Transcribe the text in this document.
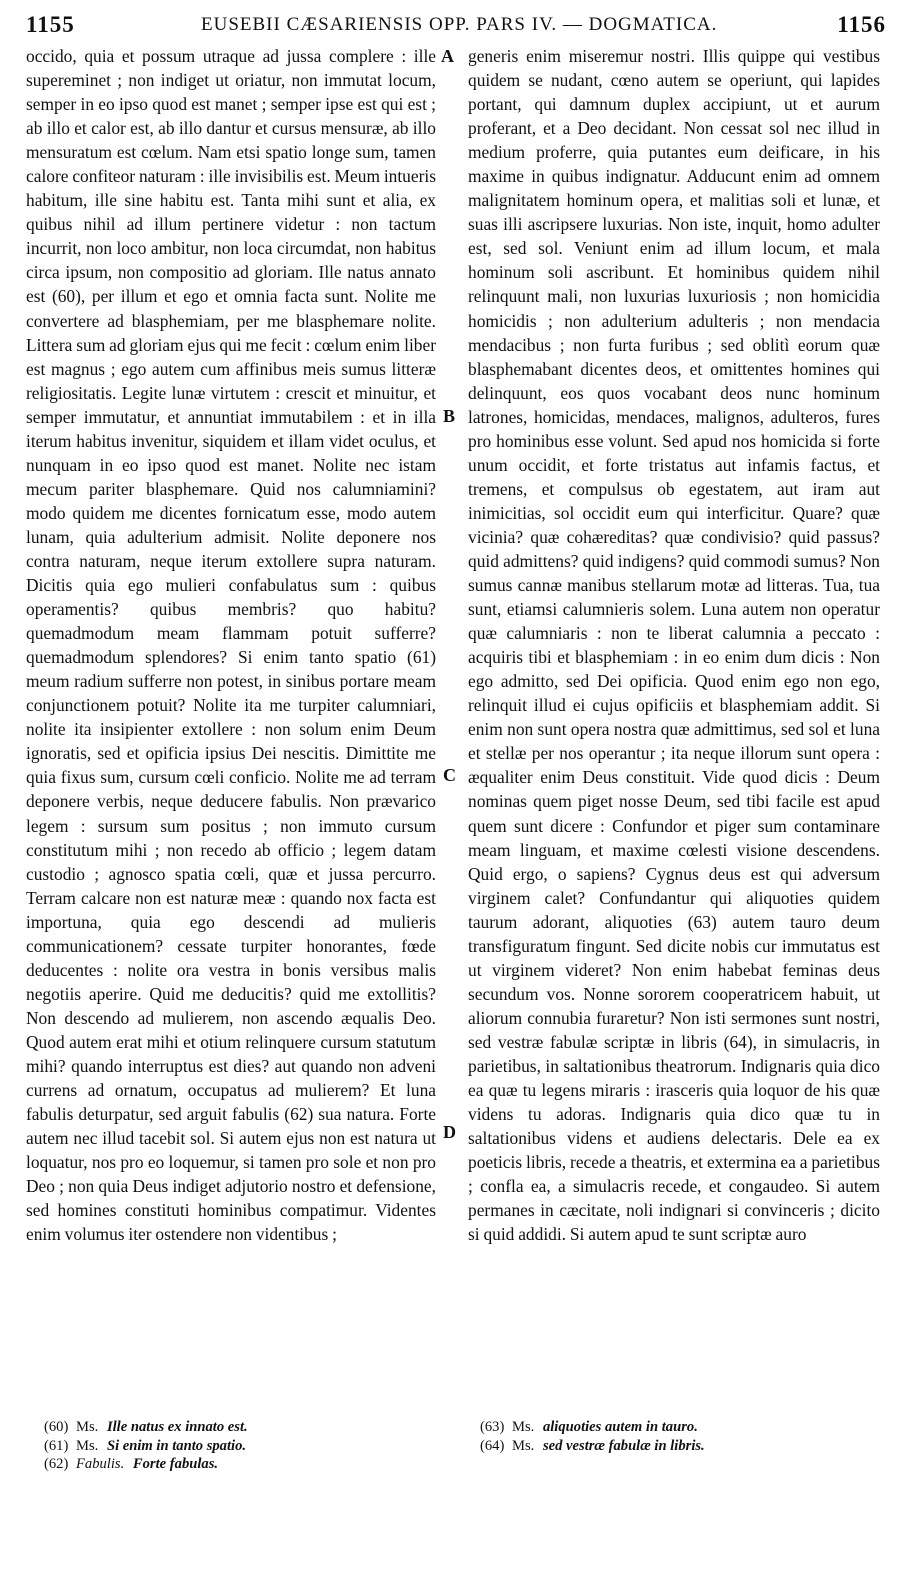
1155	EUSEBII CÆSARIENSIS OPP. PARS IV. — DOGMATICA.	1156

occido, quia et possum utraque ad jussa complere : ille supereminet ; non indiget ut oriatur, non immutat locum, semper in eo ipso quod est manet ; semper ipse est qui est ; ab illo et calor est, ab illo dantur et cursus mensuræ, ab illo mensuratum est cœlum. Nam etsi spatio longe sum, tamen calore confiteor naturam : ille invisibilis est. Meum intueris habitum, ille sine habitu est. Tanta mihi sunt et alia, ex quibus nihil ad illum pertinere videtur : non tactum incurrit, non loco ambitur, non loca circumdat, non habitus circa ipsum, non compositio ad gloriam. Ille natus annato est (60), per illum et ego et omnia facta sunt. Nolite me convertere ad blasphemiam, per me blasphemare nolite. Littera sum ad gloriam ejus qui me fecit : cœlum enim liber est magnus ; ego autem cum affinibus meis sumus litteræ religiositatis. Legite lunæ virtutem : crescit et minuitur, et semper immutatur, et annuntiat immutabilem : et in illa iterum habitus invenitur, siquidem et illam videt oculus, et nunquam in eo ipso quod est manet. Nolite nec istam mecum pariter blasphemare. Quid nos calumniamini? modo quidem me dicentes fornicatum esse, modo autem lunam, quia adulterium admisit. Nolite deponere nos contra naturam, neque iterum extollere supra naturam. Dicitis quia ego mulieri confabulatus sum : quibus operamentis? quibus membris? quo habitu? quemadmodum meam flammam potuit sufferre? quemadmodum splendores? Si enim tanto spatio (61) meum radium sufferre non potest, in sinibus portare meam conjunctionem potuit? Nolite ita me turpiter calumniari, nolite ita insipienter extollere : non solum enim Deum ignoratis, sed et opificia ipsius Dei nescitis. Dimittite me quia fixus sum, cursum cœli conficio. Nolite me ad terram deponere verbis, neque deducere fabulis. Non prævarico legem : sursum sum positus ; non immuto cursum constitutum mihi ; non recedo ab officio ; legem datam custodio ; agnosco spatia cœli, quæ et jussa percurro. Terram calcare non est naturæ meæ : quando nox facta est importuna, quia ego descendi ad mulieris communicationem? cessate turpiter honorantes, fœde deducentes : nolite ora vestra in bonis versibus malis negotiis aperire. Quid me deducitis? quid me extollitis? Non descendo ad mulierem, non ascendo æqualis Deo. Quod autem erat mihi et otium relinquere cursum statutum mihi? quando interruptus est dies? aut quando non adveni currens ad ornatum, occupatus ad mulierem? Et luna fabulis deturpatur, sed arguit fabulis (62) sua natura. Forte autem nec illud tacebit sol. Si autem ejus non est natura ut loquatur, nos pro eo loquemur, si tamen pro sole et non pro Deo ; non quia Deus indiget adjutorio nostro et defensione, sed homines constituti hominibus compatimur. Videntes enim volumus iter ostendere non videntibus ;

generis enim miseremur nostri. Illis quippe qui vestibus quidem se nudant, cœno autem se operiunt, qui lapides portant, qui damnum duplex accipiunt, ut et aurum proferant, et a Deo decidant. Non cessat sol nec illud in medium proferre, quia putantes eum deificare, in his maxime in quibus indignatur. Adducunt enim ad omnem malignitatem hominum opera, et malitias soli et lunæ, et suas illi ascripsere luxurias. Non iste, inquit, homo adulter est, sed sol. Veniunt enim ad illum locum, et mala hominum soli ascribunt. Et hominibus quidem nihil relinquunt mali, non luxurias luxuriosis ; non homicidia homicidis ; non adulterium adulteris ; non mendacia mendacibus ; non furta furibus ; sed oblitì eorum quæ blasphemabant dicentes deos, et omittentes homines qui delinquunt, eos quos vocabant deos nunc hominum latrones, homicidas, mendaces, malignos, adulteros, fures pro hominibus esse volunt. Sed apud nos homicida si forte unum occidit, et forte tristatus aut infamis factus, et tremens, et compulsus ob egestatem, aut iram aut inimicitias, sol occidit eum qui interficitur. Quare? quæ vicinia? quæ cohæreditas? quæ condivisio? quid passus? quid admittens? quid indigens? quid commodi sumus? Non sumus cannæ manibus stellarum motæ ad litteras. Tua, tua sunt, etiamsi calumnieris solem. Luna autem non operatur quæ calumniaris : non te liberat calumnia a peccato : acquiris tibi et blasphemiam : in eo enim dum dicis : Non ego admitto, sed Dei opificia. Quod enim ego non ego, relinquit illud ei cujus opificiis et blasphemiam addit. Si enim non sunt opera nostra quæ admittimus, sed sol et luna et stellæ per nos operantur ; ita neque illorum sunt opera : æqualiter enim Deus constituit. Vide quod dicis : Deum nominas quem piget nosse Deum, sed tibi facile est apud quem sunt dicere : Confundor et piger sum contaminare meam linguam, et maxime cœlesti visione descendens. Quid ergo, o sapiens? Cygnus deus est qui adversum virginem calet? Confundantur qui aliquoties quidem taurum adorant, aliquoties (63) autem tauro deum transfiguratum fingunt. Sed dicite nobis cur immutatus est ut virginem videret? Non enim habebat feminas deus secundum vos. Nonne sororem cooperatricem habuit, ut aliorum connubia furaretur? Non isti sermones sunt nostri, sed vestræ fabulæ scriptæ in libris (64), in simulacris, in parietibus, in saltationibus theatrorum. Indignaris quia dico ea quæ tu legens miraris : irasceris quia loquor de his quæ videns tu adoras. Indignaris quia dico quæ tu in saltationibus videns et audiens delectaris. Dele ea ex poeticis libris, recede a theatris, et extermina ea a parietibus ; confla ea, a simulacris recede, et congaudeo. Si autem permanes in cæcitate, noli indignari si convinceris ; dicito si quid addidi. Si autem apud te sunt scriptæ auro

A
B
C
D
(60) Ms. Ille natus ex innato est.
(61) Ms. Si enim in tanto spatio.
(62) Fabulis. Forte fabulas.
(63) Ms. aliquoties autem in tauro.
(64) Ms. sed vestræ fabulæ in libris.
